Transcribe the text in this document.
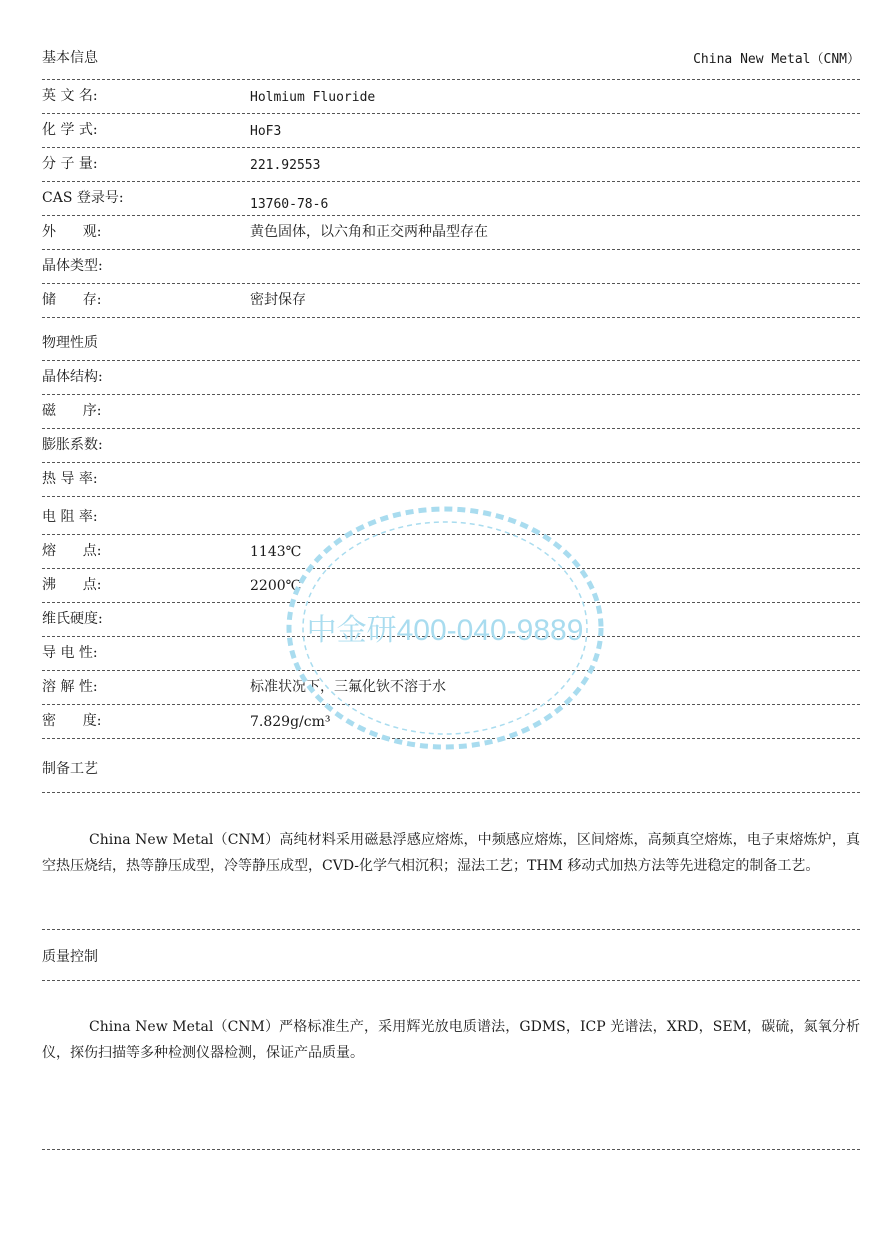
基本信息	China New Metal（CNM）
英 文 名:	Holmium Fluoride
化 学 式:	HoF3
分 子 量:	221.92553
CAS 登录号:	13760-78-6
外      观:	黄色固体，以六角和正交两种晶型存在
晶体类型:
储      存:	密封保存
物理性质
晶体结构:
磁      序:
膨胀系数:
热 导 率:
电 阻 率:
熔      点:	1143℃
沸      点:	2200℃
维氏硬度:
导 电 性:
溶 解 性:	标准状况下，三氟化钬不溶于水
密      度:	7.829g/cm³
制备工艺
China New Metal（CNM）高纯材料采用磁悬浮感应熔炼，中频感应熔炼，区间熔炼，高频真空熔炼，电子束熔炼炉，真空热压烧结，热等静压成型，冷等静压成型，CVD-化学气相沉积；湿法工艺；THM 移动式加热方法等先进稳定的制备工艺。
质量控制
China New Metal（CNM）严格标准生产，采用辉光放电质谱法，GDMS，ICP 光谱法，XRD，SEM，碳硫，氮氧分析仪，探伤扫描等多种检测仪器检测，保证产品质量。
中金研400-040-9889
